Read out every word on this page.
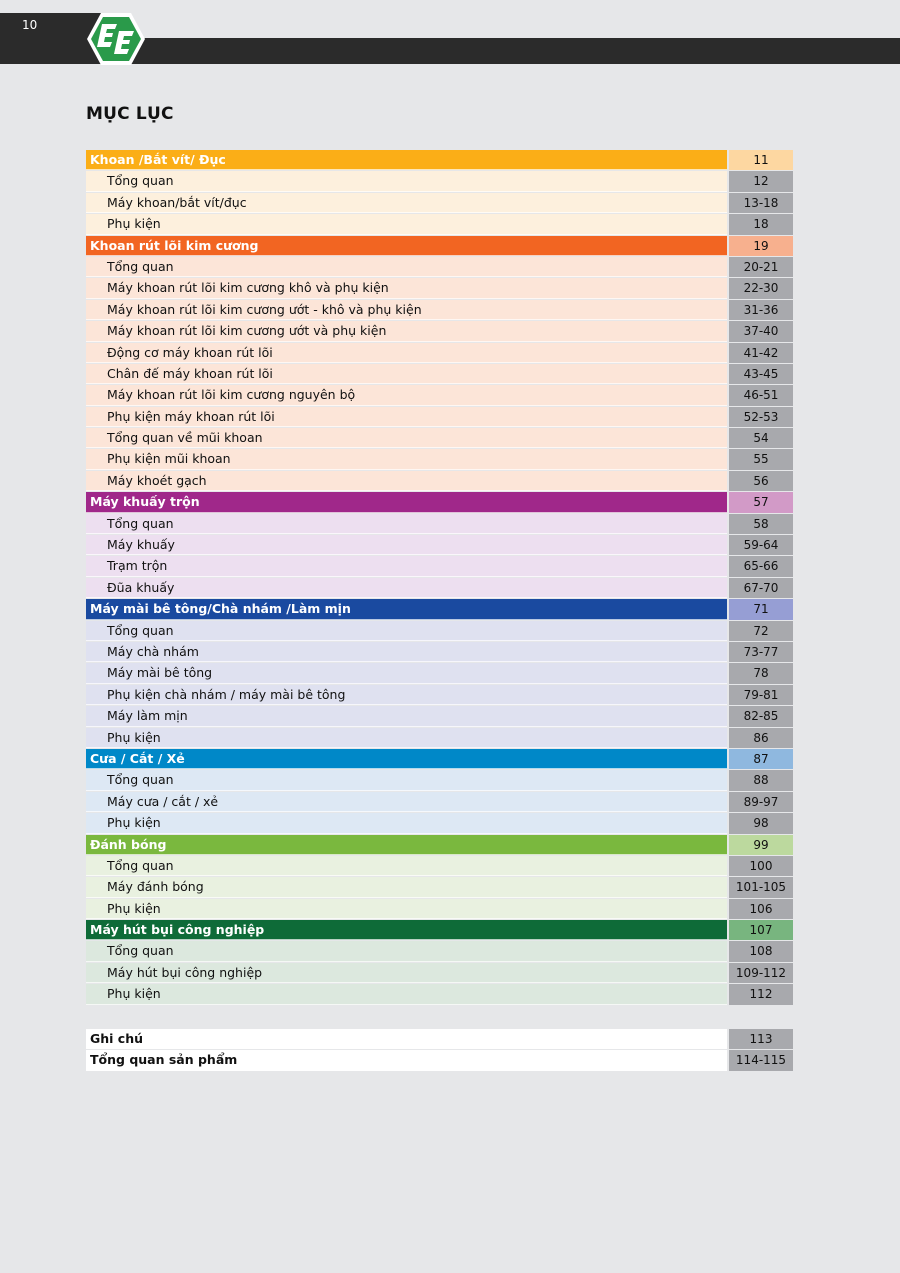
10
MỤC LỤC
Khoan /Bắt vít/ Đục	11
Tổng quan	12
Máy khoan/bắt vít/đục	13-18
Phụ kiện	18
Khoan rút lõi kim cương	19
Tổng quan	20-21
Máy khoan rút lõi kim cương khô và phụ kiện	22-30
Máy khoan rút lõi kim cương ướt - khô và phụ kiện	31-36
Máy khoan rút lõi kim cương ướt và phụ kiện	37-40
Động cơ máy khoan rút lõi	41-42
Chân đế máy khoan rút lõi	43-45
Máy khoan rút lõi kim cương nguyên bộ	46-51
Phụ kiện máy khoan rút lõi	52-53
Tổng quan về mũi khoan	54
Phụ kiện mũi khoan	55
Máy khoét gạch	56
Máy khuấy trộn	57
Tổng quan	58
Máy khuấy	59-64
Trạm trộn	65-66
Đũa khuấy	67-70
Máy mài bê tông/Chà nhám /Làm mịn	71
Tổng quan	72
Máy chà nhám	73-77
Máy mài bê tông	78
Phụ kiện chà nhám / máy mài bê tông	79-81
Máy làm mịn	82-85
Phụ kiện	86
Cưa / Cắt / Xẻ	87
Tổng quan	88
Máy cưa / cắt / xẻ	89-97
Phụ kiện	98
Đánh bóng	99
Tổng quan	100
Máy đánh bóng	101-105
Phụ kiện	106
Máy hút bụi công nghiệp	107
Tổng quan	108
Máy hút bụi công nghiệp	109-112
Phụ kiện	112
Ghi chú	113
Tổng quan sản phẩm	114-115
